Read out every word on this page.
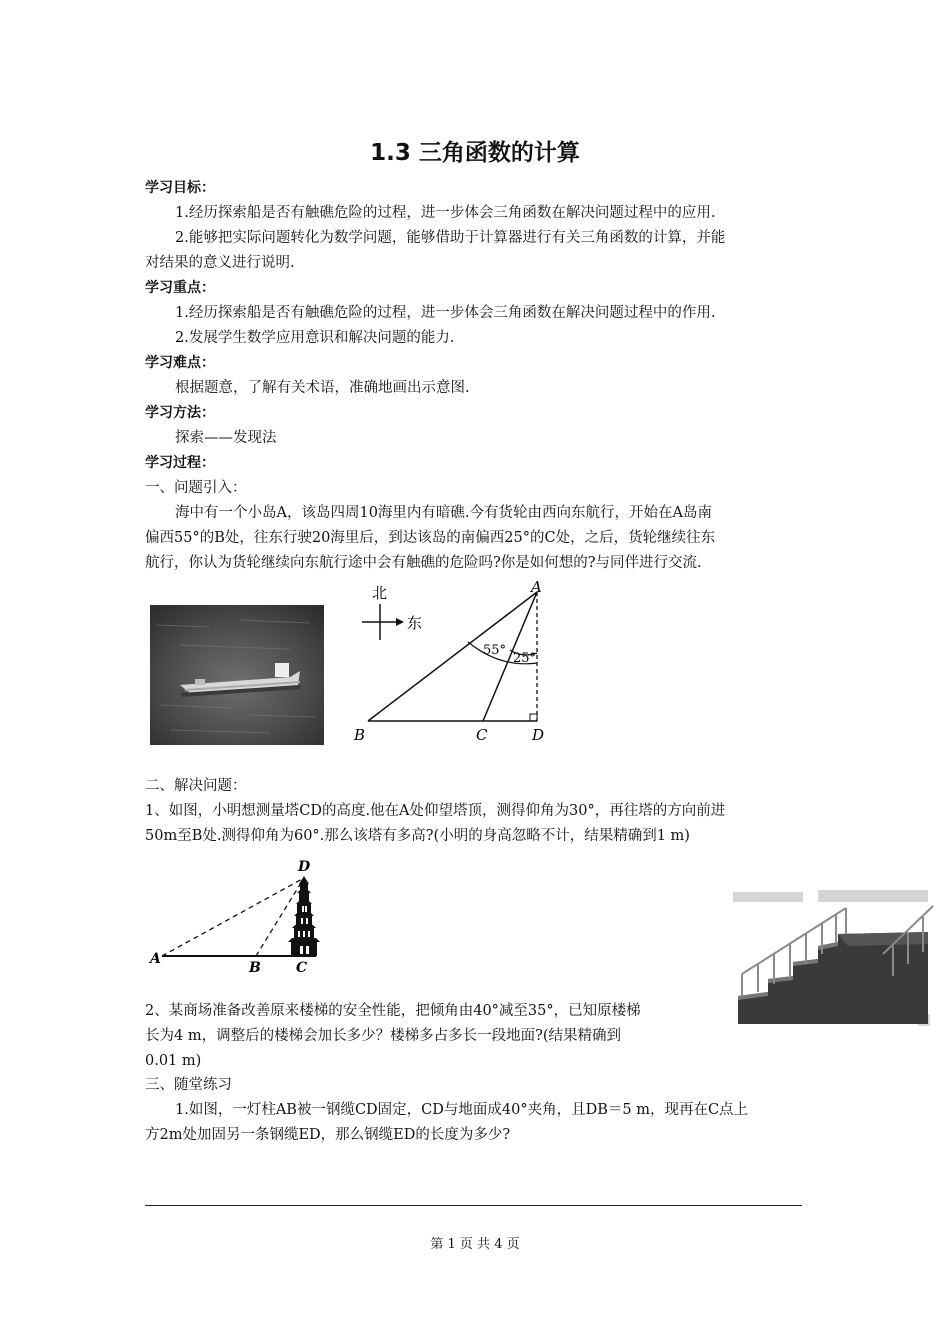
1.3 三角函数的计算
学习目标：
1.经历探索船是否有触礁危险的过程，进一步体会三角函数在解决问题过程中的应用.
2.能够把实际问题转化为数学问题，能够借助于计算器进行有关三角函数的计算，并能
对结果的意义进行说明.
学习重点：
1.经历探索船是否有触礁危险的过程，进一步体会三角函数在解决问题过程中的作用.
2.发展学生数学应用意识和解决问题的能力.
学习难点：
根据题意，了解有关术语，准确地画出示意图.
学习方法：
探索——发现法
学习过程：
一、问题引入：
海中有一个小岛A，该岛四周10海里内有暗礁.今有货轮由西向东航行，开始在A岛南
偏西55°的B处，往东行驶20海里后，到达该岛的南偏西25°的C处，之后，货轮继续往东
航行，你认为货轮继续向东航行途中会有触礁的危险吗?你是如何想的?与同伴进行交流.
北
东
55°
25°
A
B	C	D
二、解决问题：
1、如图，小明想测量塔CD的高度.他在A处仰望塔顶，测得仰角为30°，再往塔的方向前进
50m至B处.测得仰角为60°.那么该塔有多高?(小明的身高忽略不计，结果精确到1 m)
D
A
B	C
2、某商场准备改善原来楼梯的安全性能，把倾角由40°减至35°，已知原楼梯
长为4 m，调整后的楼梯会加长多少？楼梯多占多长一段地面?(结果精确到
0.01 m)
三、随堂练习
1.如图，一灯柱AB被一钢缆CD固定，CD与地面成40°夹角，且DB＝5 m，现再在C点上
方2m处加固另一条钢缆ED，那么钢缆ED的长度为多少?
第 1 页 共 4 页
